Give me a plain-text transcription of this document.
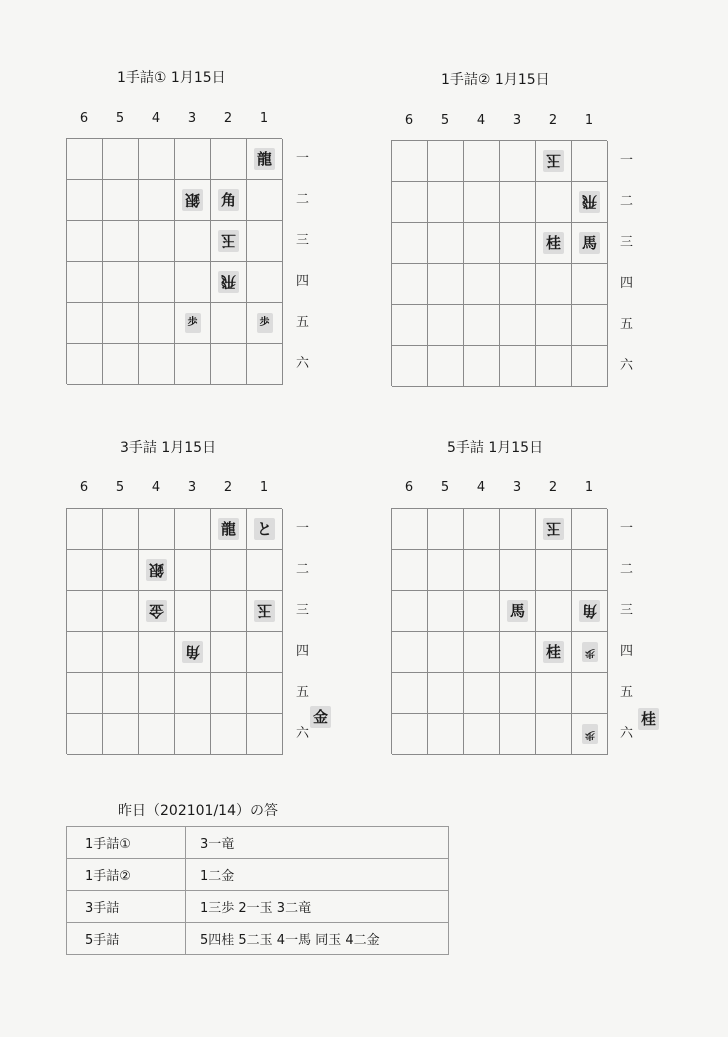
1手詰① 1月15日
6	5	4	3	2	1
龍
銀 角
玉
飛
歩	歩
一
二
三
四
五
六
1手詰② 1月15日
6	5	4	3	2	1
玉
飛
桂 馬
一
二
三
四
五
六
3手詰 1月15日
6	5	4	3	2	1
龍 と
銀
金	玉
角
一
二
三
四
五
六
金
5手詰 1月15日
6	5	4	3	2	1
玉
馬	角
桂	歩
歩
一
二
三
四
五
六
桂
昨日（202101/14）の答
1手詰①	3一竜
1手詰②	1二金
3手詰	1三歩 2一玉 3二竜
5手詰	5四桂 5二玉 4一馬 同玉 4二金
